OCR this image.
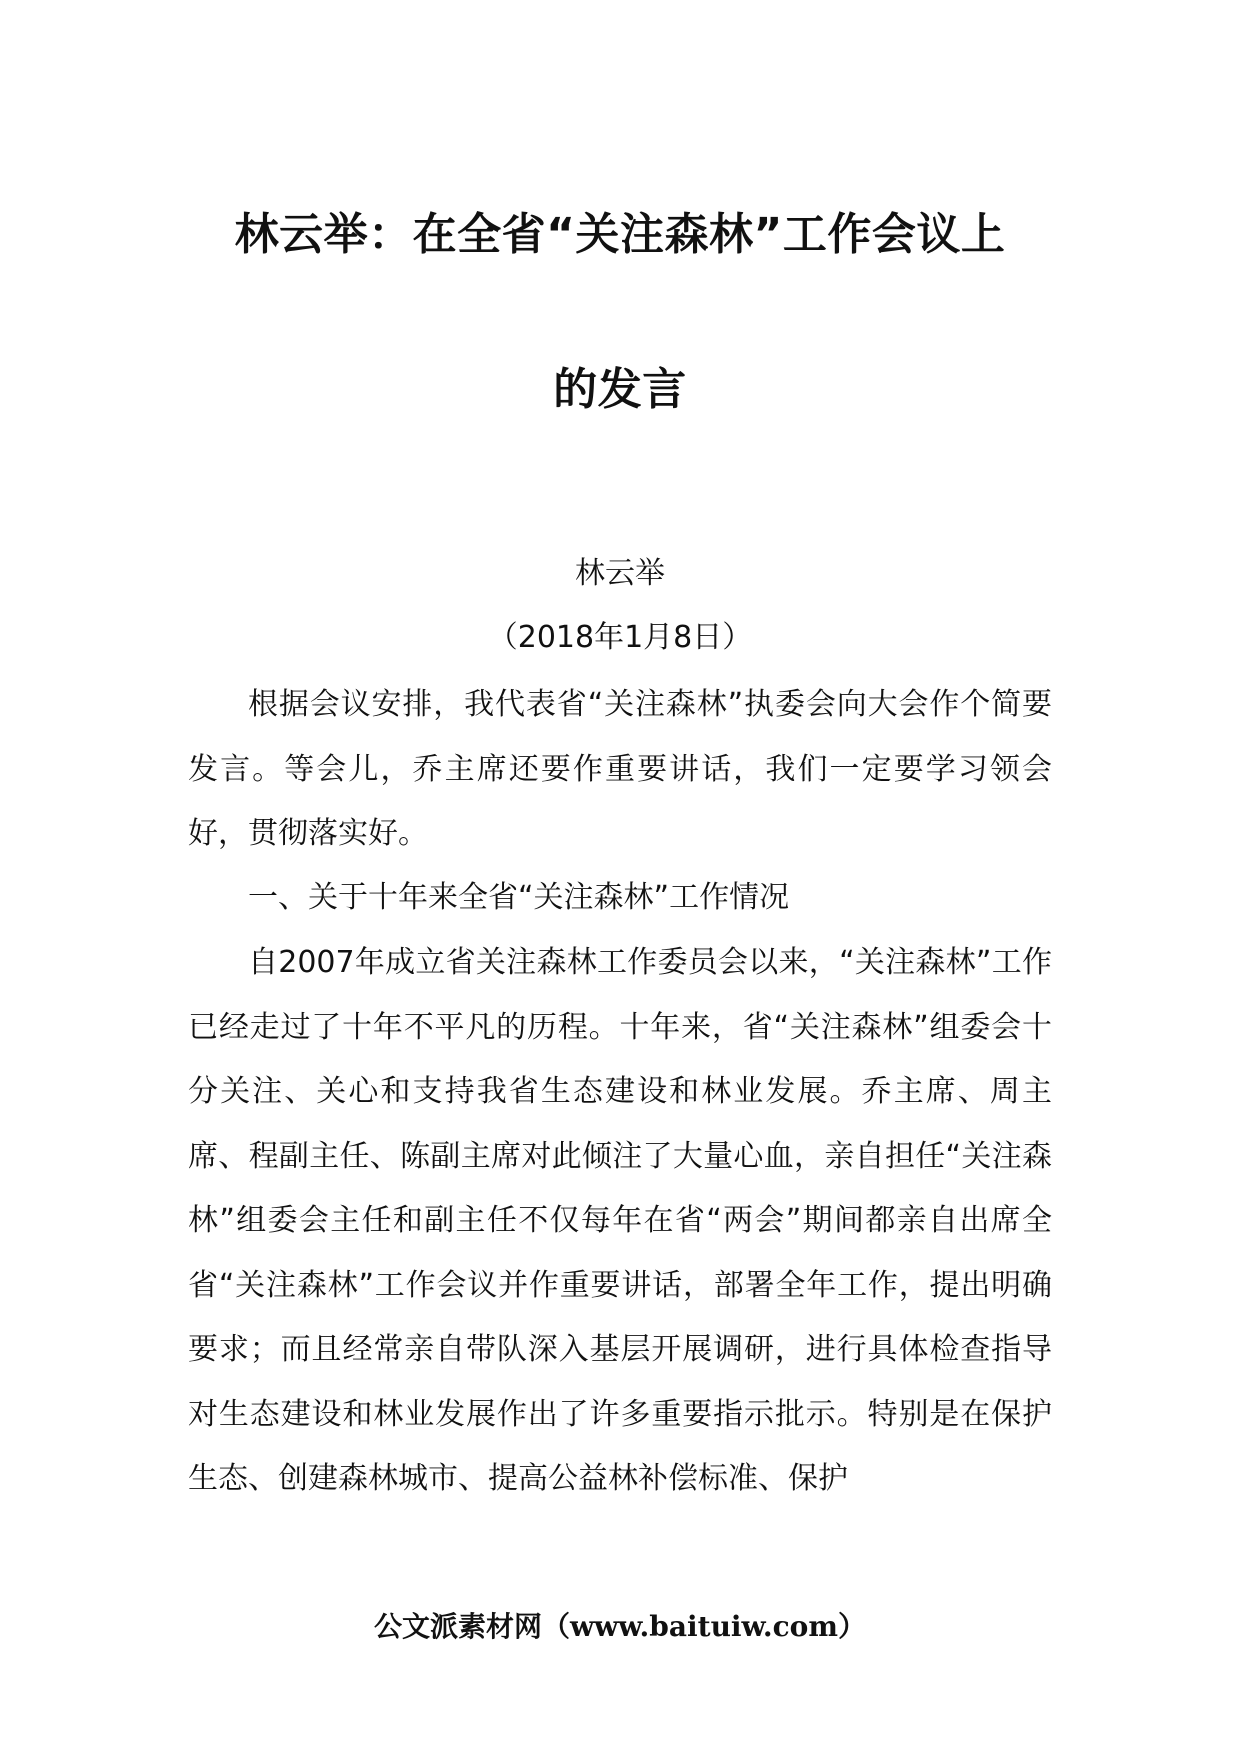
林云举：在全省“关注森林”工作会议上
的发言
林云举
（2018年1月8日）

根据会议安排，我代表省“关注森林”执委会向大会作个简要发言。等会儿，乔主席还要作重要讲话，我们一定要学习领会好，贯彻落实好。

一、关于十年来全省“关注森林”工作情况

自2007年成立省关注森林工作委员会以来，“关注森林”工作已经走过了十年不平凡的历程。十年来，省“关注森林”组委会十分关注、关心和支持我省生态建设和林业发展。乔主席、周主席、程副主任、陈副主席对此倾注了大量心血，亲自担任“关注森林”组委会主任和副主任不仅每年在省“两会”期间都亲自出席全省“关注森林”工作会议并作重要讲话，部署全年工作，提出明确要求；而且经常亲自带队深入基层开展调研，进行具体检查指导对生态建设和林业发展作出了许多重要指示批示。特别是在保护生态、创建森林城市、提高公益林补偿标准、保护

公文派素材网（www.baituiw.com）
